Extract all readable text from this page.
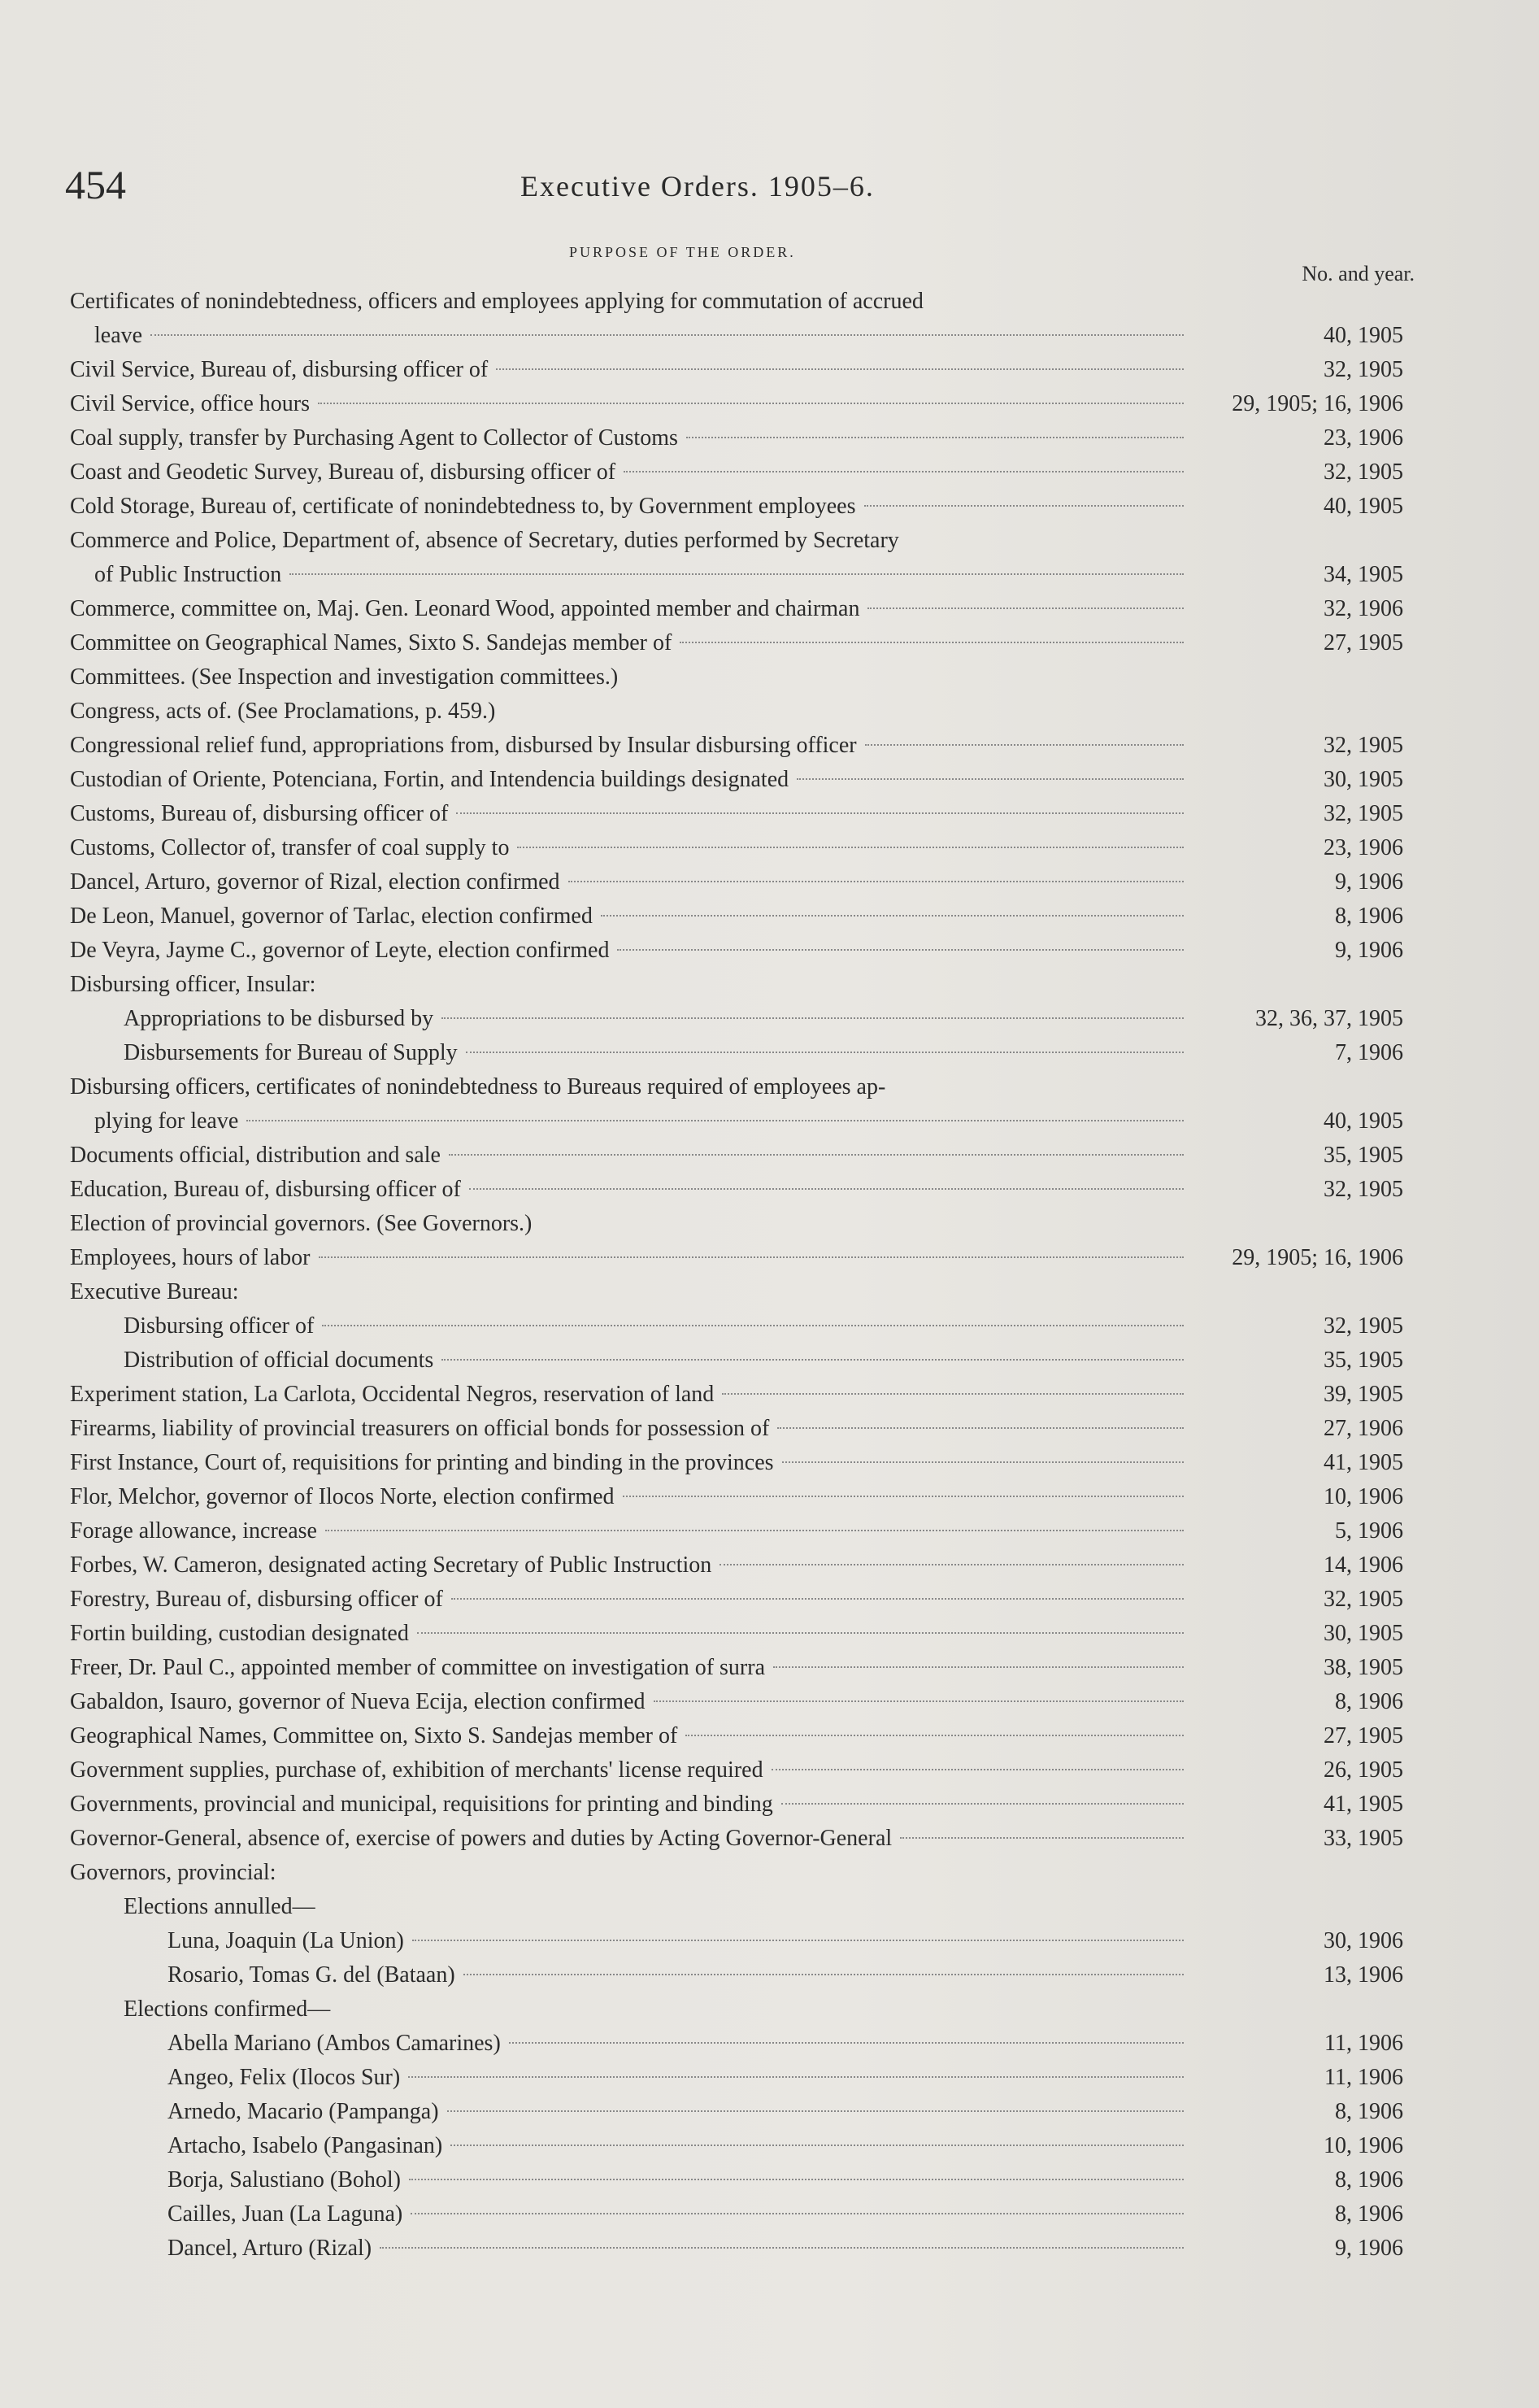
454	Executive Orders. 1905–6.
PURPOSE OF THE ORDER.
No. and year.
Certificates of nonindebtedness, officers and employees applying for commutation of accrued
leave	40, 1905
Civil Service, Bureau of, disbursing officer of	32, 1905
Civil Service, office hours	29, 1905; 16, 1906
Coal supply, transfer by Purchasing Agent to Collector of Customs	23, 1906
Coast and Geodetic Survey, Bureau of, disbursing officer of	32, 1905
Cold Storage, Bureau of, certificate of nonindebtedness to, by Government employees	40, 1905
Commerce and Police, Department of, absence of Secretary, duties performed by Secretary
of Public Instruction	34, 1905
Commerce, committee on, Maj. Gen. Leonard Wood, appointed member and chairman	32, 1906
Committee on Geographical Names, Sixto S. Sandejas member of	27, 1905
Committees. (See Inspection and investigation committees.)
Congress, acts of. (See Proclamations, p. 459.)
Congressional relief fund, appropriations from, disbursed by Insular disbursing officer	32, 1905
Custodian of Oriente, Potenciana, Fortin, and Intendencia buildings designated	30, 1905
Customs, Bureau of, disbursing officer of	32, 1905
Customs, Collector of, transfer of coal supply to	23, 1906
Dancel, Arturo, governor of Rizal, election confirmed	9, 1906
De Leon, Manuel, governor of Tarlac, election confirmed	8, 1906
De Veyra, Jayme C., governor of Leyte, election confirmed	9, 1906
Disbursing officer, Insular:
Appropriations to be disbursed by	32, 36, 37, 1905
Disbursements for Bureau of Supply	7, 1906
Disbursing officers, certificates of nonindebtedness to Bureaus required of employees ap-
plying for leave	40, 1905
Documents official, distribution and sale	35, 1905
Education, Bureau of, disbursing officer of	32, 1905
Election of provincial governors. (See Governors.)
Employees, hours of labor	29, 1905; 16, 1906
Executive Bureau:
Disbursing officer of	32, 1905
Distribution of official documents	35, 1905
Experiment station, La Carlota, Occidental Negros, reservation of land	39, 1905
Firearms, liability of provincial treasurers on official bonds for possession of	27, 1906
First Instance, Court of, requisitions for printing and binding in the provinces	41, 1905
Flor, Melchor, governor of Ilocos Norte, election confirmed	10, 1906
Forage allowance, increase	5, 1906
Forbes, W. Cameron, designated acting Secretary of Public Instruction	14, 1906
Forestry, Bureau of, disbursing officer of	32, 1905
Fortin building, custodian designated	30, 1905
Freer, Dr. Paul C., appointed member of committee on investigation of surra	38, 1905
Gabaldon, Isauro, governor of Nueva Ecija, election confirmed	8, 1906
Geographical Names, Committee on, Sixto S. Sandejas member of	27, 1905
Government supplies, purchase of, exhibition of merchants' license required	26, 1905
Governments, provincial and municipal, requisitions for printing and binding	41, 1905
Governor-General, absence of, exercise of powers and duties by Acting Governor-General	33, 1905
Governors, provincial:
Elections annulled—
Luna, Joaquin (La Union)	30, 1906
Rosario, Tomas G. del (Bataan)	13, 1906
Elections confirmed—
Abella Mariano (Ambos Camarines)	11, 1906
Angeo, Felix (Ilocos Sur)	11, 1906
Arnedo, Macario (Pampanga)	8, 1906
Artacho, Isabelo (Pangasinan)	10, 1906
Borja, Salustiano (Bohol)	8, 1906
Cailles, Juan (La Laguna)	8, 1906
Dancel, Arturo (Rizal)	9, 1906
